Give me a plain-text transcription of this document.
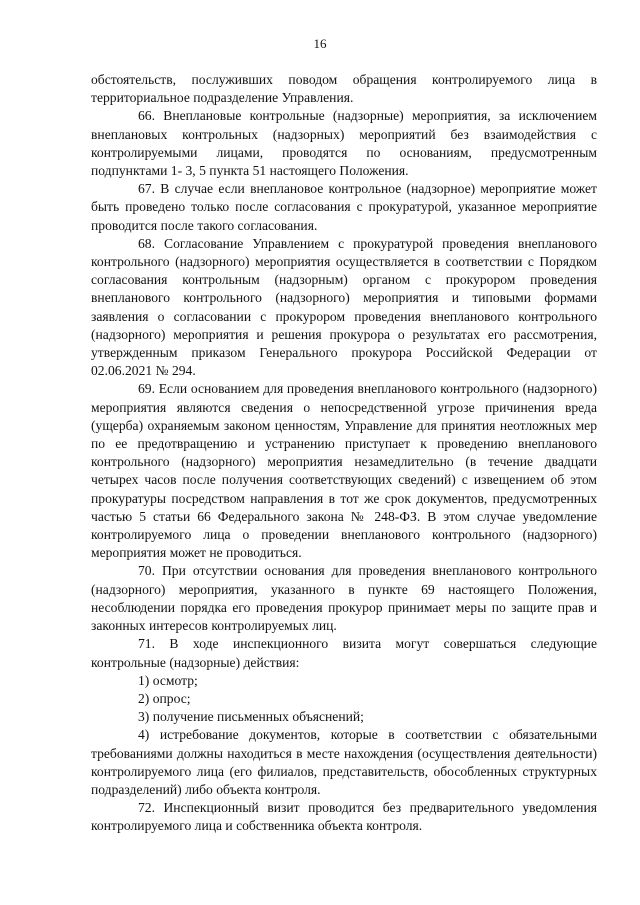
16

обстоятельств, послуживших поводом обращения контролируемого лица в территориальное подразделение Управления.

66. Внеплановые контрольные (надзорные) мероприятия, за исключением внеплановых контрольных (надзорных) мероприятий без взаимодействия с контролируемыми лицами, проводятся по основаниям, предусмотренным подпунктами 1- 3, 5 пункта 51 настоящего Положения.

67. В случае если внеплановое контрольное (надзорное) мероприятие может быть проведено только после согласования с прокуратурой, указанное мероприятие проводится после такого согласования.

68. Согласование Управлением с прокуратурой проведения внепланового контрольного (надзорного) мероприятия осуществляется в соответствии с Порядком согласования контрольным (надзорным) органом с прокурором проведения внепланового контрольного (надзорного) мероприятия и типовыми формами заявления о согласовании с прокурором проведения внепланового контрольного (надзорного) мероприятия и решения прокурора о результатах его рассмотрения, утвержденным приказом Генерального прокурора Российской Федерации от 02.06.2021 № 294.

69. Если основанием для проведения внепланового контрольного (надзорного) мероприятия являются сведения о непосредственной угрозе причинения вреда (ущерба) охраняемым законом ценностям, Управление для принятия неотложных мер по ее предотвращению и устранению приступает к проведению внепланового контрольного (надзорного) мероприятия незамедлительно (в течение двадцати четырех часов после получения соответствующих сведений) с извещением об этом прокуратуры посредством направления в тот же срок документов, предусмотренных частью 5 статьи 66 Федерального закона № 248-ФЗ. В этом случае уведомление контролируемого лица о проведении внепланового контрольного (надзорного) мероприятия может не проводиться.

70. При отсутствии основания для проведения внепланового контрольного (надзорного) мероприятия, указанного в пункте 69 настоящего Положения, несоблюдении порядка его проведения прокурор принимает меры по защите прав и законных интересов контролируемых лиц.

71. В ходе инспекционного визита могут совершаться следующие контрольные (надзорные) действия:

1) осмотр;

2) опрос;

3) получение письменных объяснений;

4) истребование документов, которые в соответствии с обязательными требованиями должны находиться в месте нахождения (осуществления деятельности) контролируемого лица (его филиалов, представительств, обособленных структурных подразделений) либо объекта контроля.

72. Инспекционный визит проводится без предварительного уведомления контролируемого лица и собственника объекта контроля.
